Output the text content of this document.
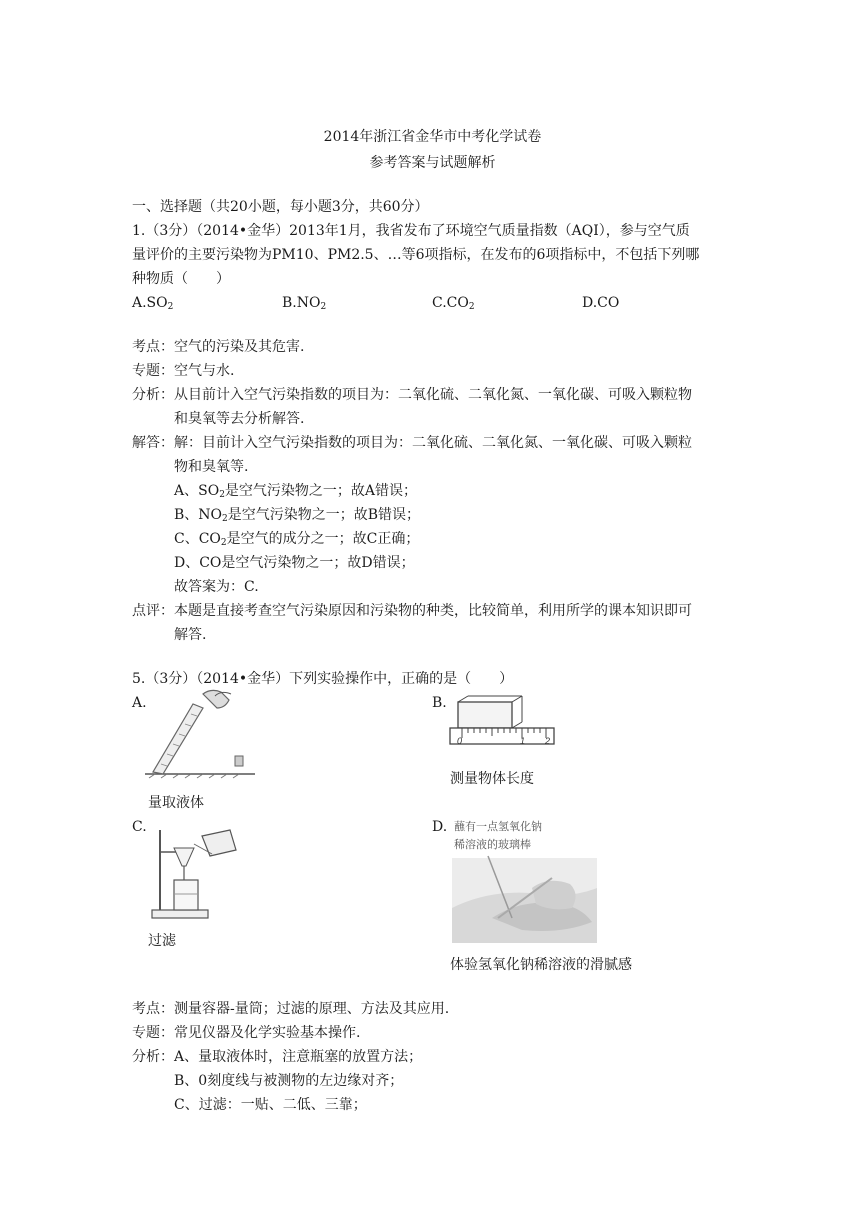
2014年浙江省金华市中考化学试卷
参考答案与试题解析
一、选择题（共20小题，每小题3分，共60分）
1.（3分）（2014•金华）2013年1月，我省发布了环境空气质量指数（AQI），参与空气质
量评价的主要污染物为PM10、PM2.5、…等6项指标，在发布的6项指标中，不包括下列哪
种物质（　　）
$A.SO_2$	$B.NO_2$	$C.CO_2$	D.CO
考点：空气的污染及其危害.
专题：空气与水.
分析：从目前计入空气污染指数的项目为：二氧化硫、二氧化氮、一氧化碳、可吸入颗粒物
和臭氧等去分析解答.
解答：解：目前计入空气污染指数的项目为：二氧化硫、二氧化氮、一氧化碳、可吸入颗粒
物和臭氧等.
A、$SO_2$是空气污染物之一；故A错误；
B、$NO_2$是空气污染物之一；故B错误；
C、$CO_2$是空气的成分之一；故C正确；
D、CO是空气污染物之一；故D错误；
故答案为：C.
点评：本题是直接考查空气污染原因和污染物的种类，比较简单，利用所学的课本知识即可
解答.
5.（3分）（2014•金华）下列实验操作中，正确的是（　　）
A.	B.
0	1 2
测量物体长度
量取液体
C.	D. 蘸有一点氢氧化钠
稀溶液的玻璃棒
过滤
体验氢氧化钠稀溶液的滑腻感
考点：测量容器-量筒；过滤的原理、方法及其应用.
专题：常见仪器及化学实验基本操作.
分析：A、量取液体时，注意瓶塞的放置方法；
B、0刻度线与被测物的左边缘对齐；
C、过滤：一贴、二低、三靠；
